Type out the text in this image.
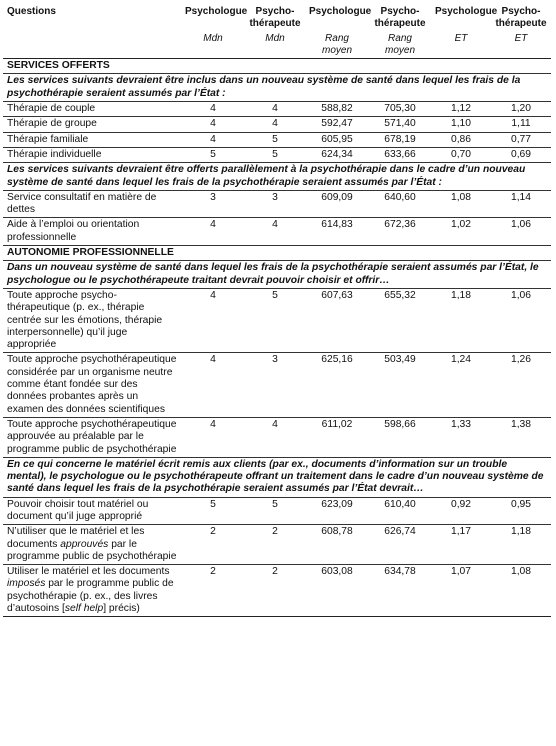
Questions	Psychologue	Psycho-thérapeute	Psychologue	Psycho-thérapeute	Psychologue	Psycho-thérapeute
	Mdn	Mdn	Rang moyen	Rang moyen	ET	ET
SERVICES OFFERTS						
Les services suivants devraient être inclus dans un nouveau système de santé dans lequel les frais de la psychothérapie seraient assumés par l’État :						
Thérapie de couple	4	4	588,82	705,30	1,12	1,20
Thérapie de groupe	4	4	592,47	571,40	1,10	1,11
Thérapie familiale	4	5	605,95	678,19	0,86	0,77
Thérapie individuelle	5	5	624,34	633,66	0,70	0,69
Les services suivants devraient être offerts parallèlement à la psychothérapie dans le cadre d’un nouveau système de santé dans lequel les frais de la psychothérapie seraient assumés par l’État :						
Service consultatif en matière de dettes	3	3	609,09	640,60	1,08	1,14
Aide à l’emploi ou orientation professionnelle	4	4	614,83	672,36	1,02	1,06
AUTONOMIE PROFESSIONNELLE						
Dans un nouveau système de santé dans lequel les frais de la psychothérapie seraient assumés par l’État, le psychologue ou le psychothérapeute traitant devrait pouvoir choisir et offrir…						
Toute approche psycho-thérapeutique (p. ex., thérapie centrée sur les émotions, thérapie interpersonnelle) qu’il juge appropriée	4	5	607,63	655,32	1,18	1,06
Toute approche psychothérapeutique considérée par un organisme neutre comme étant fondée sur des données probantes après un examen des données scientifiques	4	3	625,16	503,49	1,24	1,26
Toute approche psychothérapeutique approuvée au préalable par le programme public de psychothérapie	4	4	611,02	598,66	1,33	1,38
En ce qui concerne le matériel écrit remis aux clients (par ex., documents d’information sur un trouble mental), le psychologue ou le psychothérapeute offrant un traitement dans le cadre d’un nouveau système de santé dans lequel les frais de la psychothérapie seraient assumés par l’État devrait…						
Pouvoir choisir tout matériel ou document qu’il juge approprié	5	5	623,09	610,40	0,92	0,95
N’utiliser que le matériel et les documents approuvés par le programme public de psychothérapie	2	2	608,78	626,74	1,17	1,18
Utiliser le matériel et les documents imposés par le programme public de psychothérapie (p. ex., des livres d’autosoins [self help] précis)	2	2	603,08	634,78	1,07	1,08
